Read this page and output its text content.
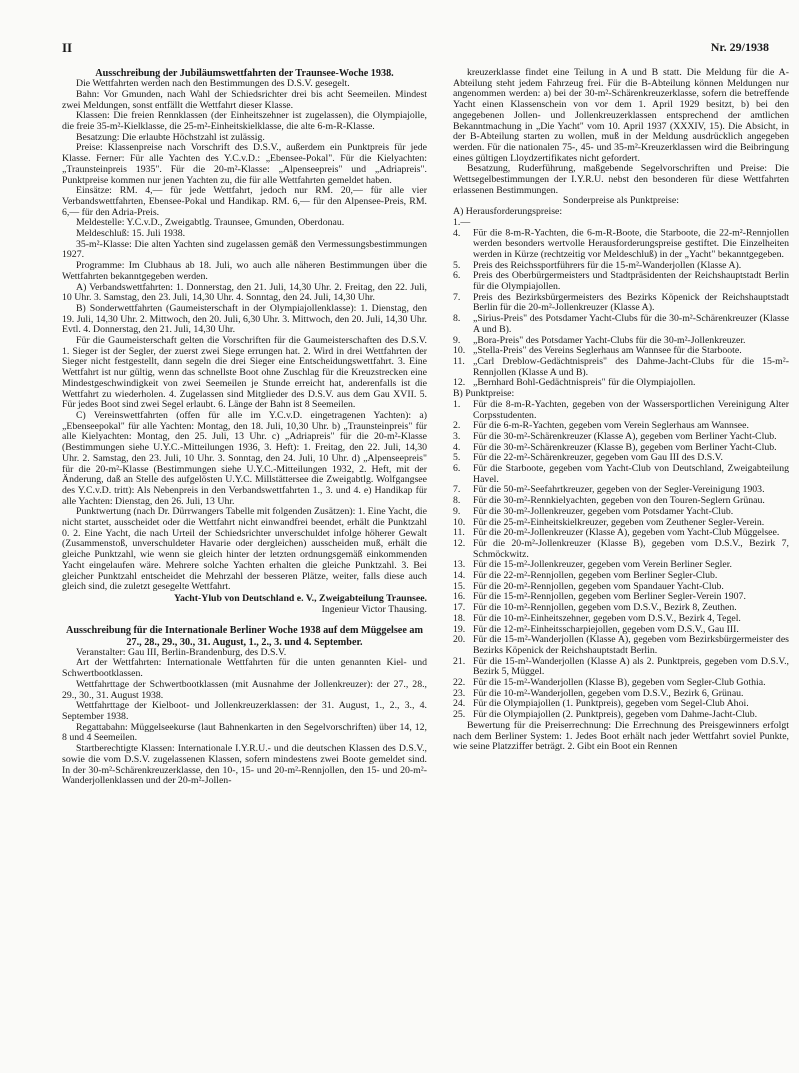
II	Nr. 29/1938

Ausschreibung der Jubiläumswettfahrten der Traunsee-Woche 1938.

Die Wettfahrten werden nach den Bestimmungen des D.S.V. gesegelt.

Bahn: Vor Gmunden, nach Wahl der Schiedsrichter drei bis acht Seemeilen. Mindest zwei Meldungen, sonst entfällt die Wettfahrt dieser Klasse.

Klassen: Die freien Rennklassen (der Einheitszehner ist zugelassen), die Olympiajolle, die freie 35-m²-Kielklasse, die 25-m²-Einheitskielklasse, die alte 6-m-R-Klasse.

Besatzung: Die erlaubte Höchstzahl ist zulässig.

Preise: Klassenpreise nach Vorschrift des D.S.V., außerdem ein Punktpreis für jede Klasse. Ferner: Für alle Yachten des Y.C.v.D.: „Ebensee-Pokal". Für die Kielyachten: „Traunsteinpreis 1935". Für die 20-m²-Klasse: „Alpenseepreis" und „Adriapreis". Punktpreise kommen nur jenen Yachten zu, die für alle Wettfahrten gemeldet haben.

Einsätze: RM. 4,— für jede Wettfahrt, jedoch nur RM. 20,— für alle vier Verbandswettfahrten, Ebensee-Pokal und Handikap. RM. 6,— für den Alpensee-Preis, RM. 6,— für den Adria-Preis.

Meldestelle: Y.C.v.D., Zweigabtlg. Traunsee, Gmunden, Oberdonau.

Meldeschluß: 15. Juli 1938.

35-m²-Klasse: Die alten Yachten sind zugelassen gemäß den Vermessungsbestimmungen 1927.

Programme: Im Clubhaus ab 18. Juli, wo auch alle näheren Bestimmungen über die Wettfahrten bekanntgegeben werden.

A) Verbandswettfahrten: 1. Donnerstag, den 21. Juli, 14,30 Uhr. 2. Freitag, den 22. Juli, 10 Uhr. 3. Samstag, den 23. Juli, 14,30 Uhr. 4. Sonntag, den 24. Juli, 14,30 Uhr.

B) Sonderwettfahrten (Gaumeisterschaft in der Olympiajollenklasse): 1. Dienstag, den 19. Juli, 14,30 Uhr. 2. Mittwoch, den 20. Juli, 6,30 Uhr. 3. Mittwoch, den 20. Juli, 14,30 Uhr. Evtl. 4. Donnerstag, den 21. Juli, 14,30 Uhr.

Für die Gaumeisterschaft gelten die Vorschriften für die Gaumeisterschaften des D.S.V. 1. Sieger ist der Segler, der zuerst zwei Siege errungen hat. 2. Wird in drei Wettfahrten der Sieger nicht festgestellt, dann segeln die drei Sieger eine Entscheidungswettfahrt. 3. Eine Wettfahrt ist nur gültig, wenn das schnellste Boot ohne Zuschlag für die Kreuzstrecken eine Mindestgeschwindigkeit von zwei Seemeilen je Stunde erreicht hat, anderenfalls ist die Wettfahrt zu wiederholen. 4. Zugelassen sind Mitglieder des D.S.V. aus dem Gau XVII. 5. Für jedes Boot sind zwei Segel erlaubt. 6. Länge der Bahn ist 8 Seemeilen.

C) Vereinswettfahrten (offen für alle im Y.C.v.D. eingetragenen Yachten): a) „Ebenseepokal" für alle Yachten: Montag, den 18. Juli, 10,30 Uhr. b) „Traunsteinpreis" für alle Kielyachten: Montag, den 25. Juli, 13 Uhr. c) „Adriapreis" für die 20-m²-Klasse (Bestimmungen siehe U.Y.C.-Mitteilungen 1936, 3. Heft): 1. Freitag, den 22. Juli, 14,30 Uhr. 2. Samstag, den 23. Juli, 10 Uhr. 3. Sonntag, den 24. Juli, 10 Uhr. d) „Alpenseepreis" für die 20-m²-Klasse (Bestimmungen siehe U.Y.C.-Mitteilungen 1932, 2. Heft, mit der Änderung, daß an Stelle des aufgelösten U.Y.C. Millstättersee die Zweigabtlg. Wolfgangsee des Y.C.v.D. tritt): Als Nebenpreis in den Verbandswettfahrten 1., 3. und 4. e) Handikap für alle Yachten: Dienstag, den 26. Juli, 13 Uhr.

Punktwertung (nach Dr. Dürrwangers Tabelle mit folgenden Zusätzen): 1. Eine Yacht, die nicht startet, ausscheidet oder die Wettfahrt nicht einwandfrei beendet, erhält die Punktzahl 0. 2. Eine Yacht, die nach Urteil der Schiedsrichter unverschuldet infolge höherer Gewalt (Zusammenstoß, unverschuldeter Havarie oder dergleichen) ausscheiden muß, erhält die gleiche Punktzahl, wie wenn sie gleich hinter der letzten ordnungsgemäß einkommenden Yacht eingelaufen wäre. Mehrere solche Yachten erhalten die gleiche Punktzahl. 3. Bei gleicher Punktzahl entscheidet die Mehrzahl der besseren Plätze, weiter, falls diese auch gleich sind, die zuletzt gesegelte Wettfahrt.

Yacht-Ylub von Deutschland e. V., Zweigabteilung Traunsee.

Ingenieur Victor Thausing.

Ausschreibung für die Internationale Berliner Woche 1938 auf dem Müggelsee am 27., 28., 29., 30., 31. August, 1., 2., 3. und 4. September.

Veranstalter: Gau III, Berlin-Brandenburg, des D.S.V.

Art der Wettfahrten: Internationale Wettfahrten für die unten genannten Kiel- und Schwertbootklassen.

Wettfahrttage der Schwertbootklassen (mit Ausnahme der Jollenkreuzer): der 27., 28., 29., 30., 31. August 1938.

Wettfahrttage der Kielboot- und Jollenkreuzerklassen: der 31. August, 1., 2., 3., 4. September 1938.

Regattabahn: Müggelseekurse (laut Bahnenkarten in den Segelvorschriften) über 14, 12, 8 und 4 Seemeilen.

Startberechtigte Klassen: Internationale I.Y.R.U.- und die deutschen Klassen des D.S.V., sowie die vom D.S.V. zugelassenen Klassen, sofern mindestens zwei Boote gemeldet sind. In der 30-m²-Schärenkreuzerklasse, den 10-, 15- und 20-m²-Rennjollen, den 15- und 20-m²-Wanderjollenklassen und der 20-m²-Jollen-

kreuzerklasse findet eine Teilung in A und B statt. Die Meldung für die A-Abteilung steht jedem Fahrzeug frei. Für die B-Abteilung können Meldungen nur angenommen werden: a) bei der 30-m²-Schärenkreuzerklasse, sofern die betreffende Yacht einen Klassenschein von vor dem 1. April 1929 besitzt, b) bei den angegebenen Jollen- und Jollenkreuzerklassen entsprechend der amtlichen Bekanntmachung in „Die Yacht" vom 10. April 1937 (XXXIV, 15). Die Absicht, in der B-Abteilung starten zu wollen, muß in der Meldung ausdrücklich angegeben werden. Für die nationalen 75-, 45- und 35-m²-Kreuzerklassen wird die Beibringung eines gültigen Lloydzertifikates nicht gefordert.

Besatzung, Ruderführung, maßgebende Segelvorschriften und Preise: Die Wettsegelbestimmungen der I.Y.R.U. nebst den besonderen für diese Wettfahrten erlassenen Bestimmungen.

Sonderpreise als Punktpreise:

A) Herausforderungspreise:

1.—4. Für die 8-m-R-Yachten, die 6-m-R-Boote, die Starboote, die 22-m²-Rennjollen werden besonders wertvolle Herausforderungspreise gestiftet. Die Einzelheiten werden in Kürze (rechtzeitig vor Meldeschluß) in der „Yacht" bekanntgegeben.
5. Preis des Reichssportführers für die 15-m²-Wanderjollen (Klasse A).
6. Preis des Oberbürgermeisters und Stadtpräsidenten der Reichshauptstadt Berlin für die Olympiajollen.
7. Preis des Bezirksbürgermeisters des Bezirks Köpenick der Reichshauptstadt Berlin für die 20-m²-Jollenkreuzer (Klasse A).
8. „Sirius-Preis" des Potsdamer Yacht-Clubs für die 30-m²-Schärenkreuzer (Klasse A und B).
9. „Bora-Preis" des Potsdamer Yacht-Clubs für die 30-m²-Jollenkreuzer.
10. „Stella-Preis" des Vereins Seglerhaus am Wannsee für die Starboote.
11. „Carl Dreblow-Gedächtnispreis" des Dahme-Jacht-Clubs für die 15-m²-Rennjollen (Klasse A und B).
12. „Bernhard Bohl-Gedächtnispreis" für die Olympiajollen.

B) Punktpreise:

1. Für die 8-m-R-Yachten, gegeben von der Wassersportlichen Vereinigung Alter Corpsstudenten.
2. Für die 6-m-R-Yachten, gegeben vom Verein Seglerhaus am Wannsee.
3. Für die 30-m²-Schärenkreuzer (Klasse A), gegeben vom Berliner Yacht-Club.
4. Für die 30-m²-Schärenkreuzer (Klasse B), gegeben vom Berliner Yacht-Club.
5. Für die 22-m²-Schärenkreuzer, gegeben vom Gau III des D.S.V.
6. Für die Starboote, gegeben vom Yacht-Club von Deutschland, Zweigabteilung Havel.
7. Für die 50-m²-Seefahrtkreuzer, gegeben von der Segler-Vereinigung 1903.
8. Für die 30-m²-Rennkielyachten, gegeben von den Touren-Seglern Grünau.
9. Für die 30-m²-Jollenkreuzer, gegeben vom Potsdamer Yacht-Club.
10. Für die 25-m²-Einheitskielkreuzer, gegeben vom Zeuthener Segler-Verein.
11. Für die 20-m²-Jollenkreuzer (Klasse A), gegeben vom Yacht-Club Müggelsee.
12. Für die 20-m²-Jollenkreuzer (Klasse B), gegeben vom D.S.V., Bezirk 7, Schmöckwitz.
13. Für die 15-m²-Jollenkreuzer, gegeben vom Verein Berliner Segler.
14. Für die 22-m²-Rennjollen, gegeben vom Berliner Segler-Club.
15. Für die 20-m²-Rennjollen, gegeben vom Spandauer Yacht-Club.
16. Für die 15-m²-Rennjollen, gegeben vom Berliner Segler-Verein 1907.
17. Für die 10-m²-Rennjollen, gegeben vom D.S.V., Bezirk 8, Zeuthen.
18. Für die 10-m²-Einheitszehner, gegeben vom D.S.V., Bezirk 4, Tegel.
19. Für die 12-m²-Einheitsscharpiejollen, gegeben vom D.S.V., Gau III.
20. Für die 15-m²-Wanderjollen (Klasse A), gegeben vom Bezirksbürgermeister des Bezirks Köpenick der Reichshauptstadt Berlin.
21. Für die 15-m²-Wanderjollen (Klasse A) als 2. Punktpreis, gegeben vom D.S.V., Bezirk 5, Müggel.
22. Für die 15-m²-Wanderjollen (Klasse B), gegeben vom Segler-Club Gothia.
23. Für die 10-m²-Wanderjollen, gegeben vom D.S.V., Bezirk 6, Grünau.
24. Für die Olympiajollen (1. Punktpreis), gegeben vom Segel-Club Ahoi.
25. Für die Olympiajollen (2. Punktpreis), gegeben vom Dahme-Jacht-Club.

Bewertung für die Preiserrechnung: Die Errechnung des Preisgewinners erfolgt nach dem Berliner System: 1. Jedes Boot erhält nach jeder Wettfahrt soviel Punkte, wie seine Platzziffer beträgt. 2. Gibt ein Boot ein Rennen
